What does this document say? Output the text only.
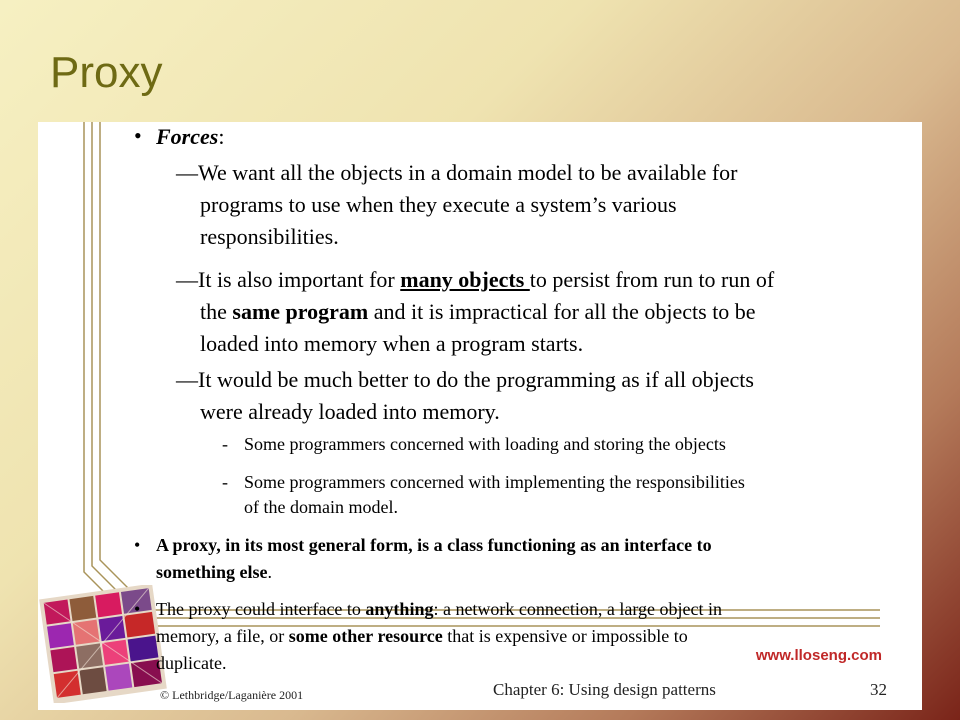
Proxy
• Forces:
—We want all the objects in a domain model to be available for
programs to use when they execute a system’s various
responsibilities.
—It is also important for many objects to persist from run to run of
the same program and it is impractical for all the objects to be
loaded into memory when a program starts.
—It would be much better to do the programming as if all objects
were already loaded into memory.
- Some programmers concerned with loading and storing the objects
- Some programmers concerned with implementing the responsibilities
of the domain model.
• A proxy, in its most general form, is a class functioning as an interface to
something else.
• The proxy could interface to anything: a network connection, a large object in
memory, a file, or some other resource that is expensive or impossible to
duplicate.	www.lloseng.com
© Lethbridge/Laganière 2001	Chapter 6: Using design patterns	32
